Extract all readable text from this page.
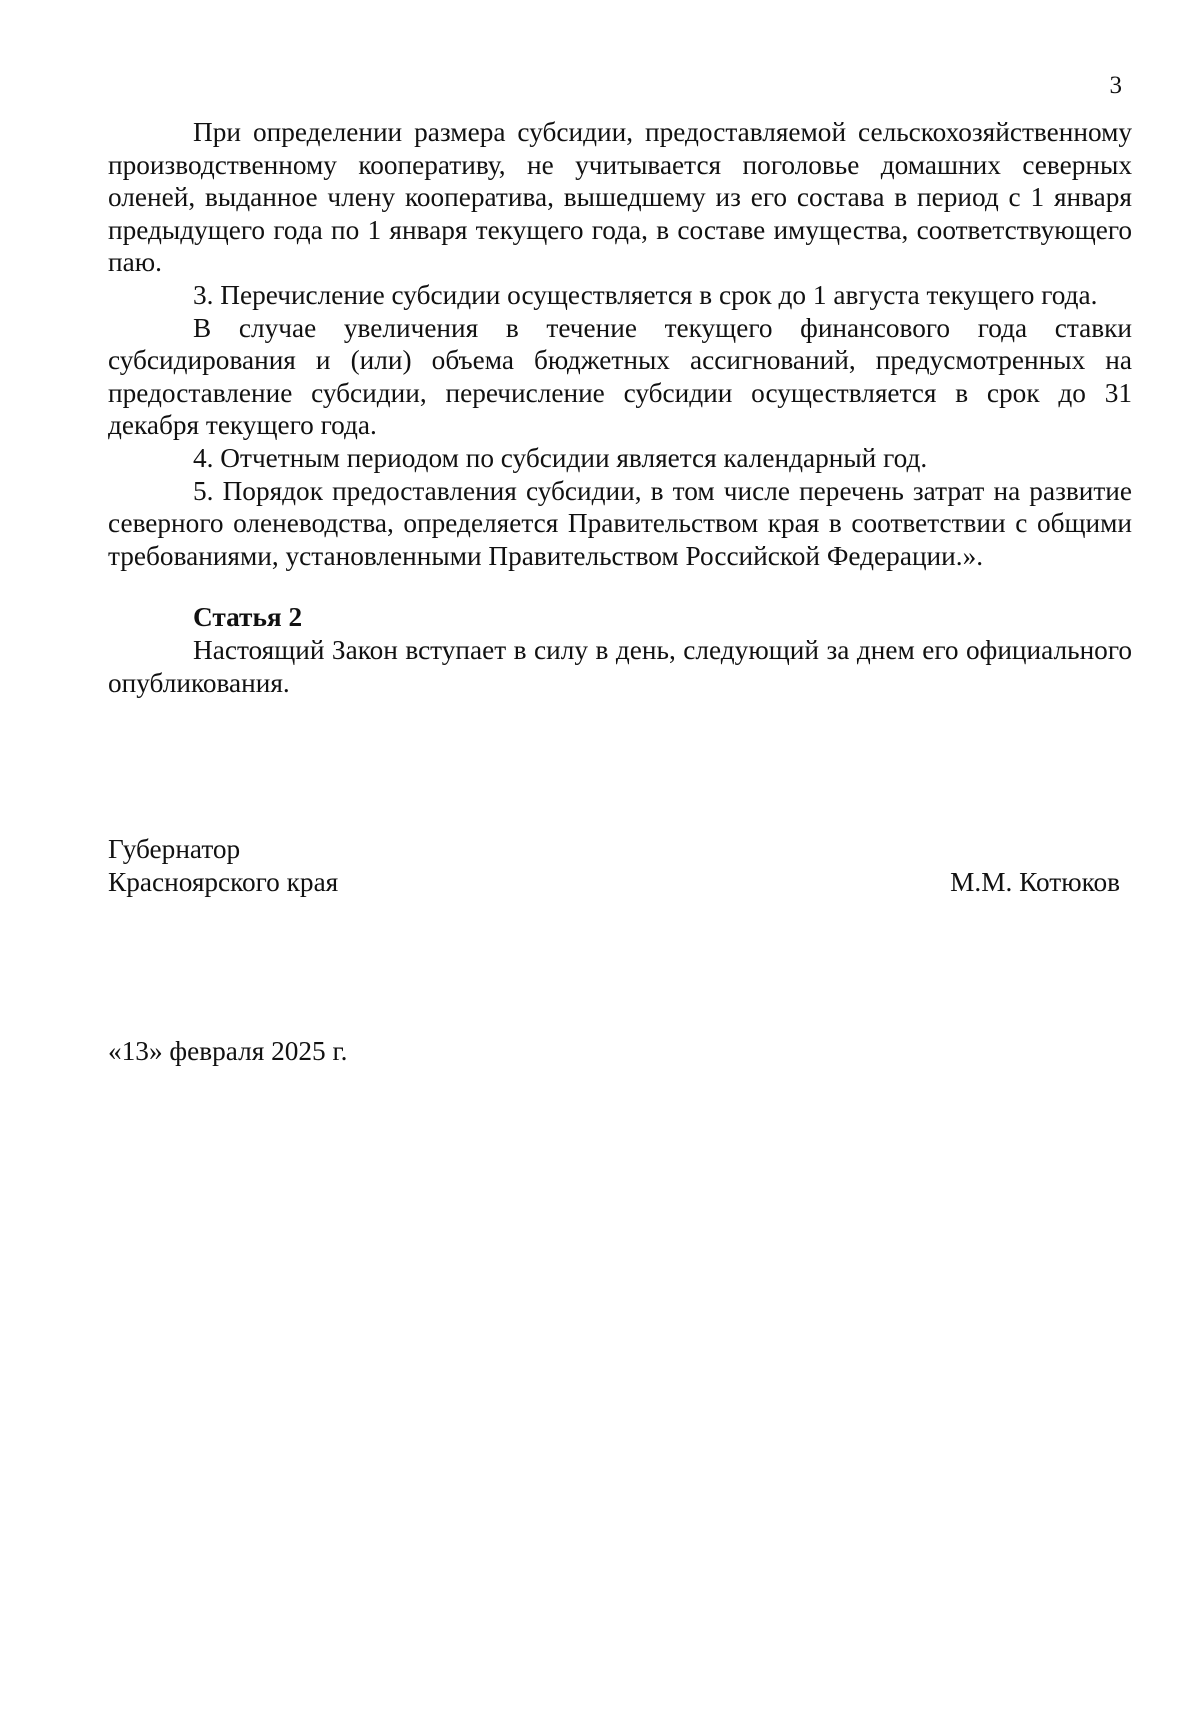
3

При определении размера субсидии, предоставляемой сельскохозяйственному производственному кооперативу, не учитывается поголовье домашних северных оленей, выданное члену кооператива, вышедшему из его состава в период с 1 января предыдущего года по 1 января текущего года, в составе имущества, соответствующего паю.

3. Перечисление субсидии осуществляется в срок до 1 августа текущего года.

В случае увеличения в течение текущего финансового года ставки субсидирования и (или) объема бюджетных ассигнований, предусмотренных на предоставление субсидии, перечисление субсидии осуществляется в срок до 31 декабря текущего года.

4. Отчетным периодом по субсидии является календарный год.

5. Порядок предоставления субсидии, в том числе перечень затрат на развитие северного оленеводства, определяется Правительством края в соответствии с общими требованиями, установленными Правительством Российской Федерации.».

Статья 2

Настоящий Закон вступает в силу в день, следующий за днем его официального опубликования.

Губернатор
Красноярского края	М.М. Котюков
«13» февраля 2025 г.
